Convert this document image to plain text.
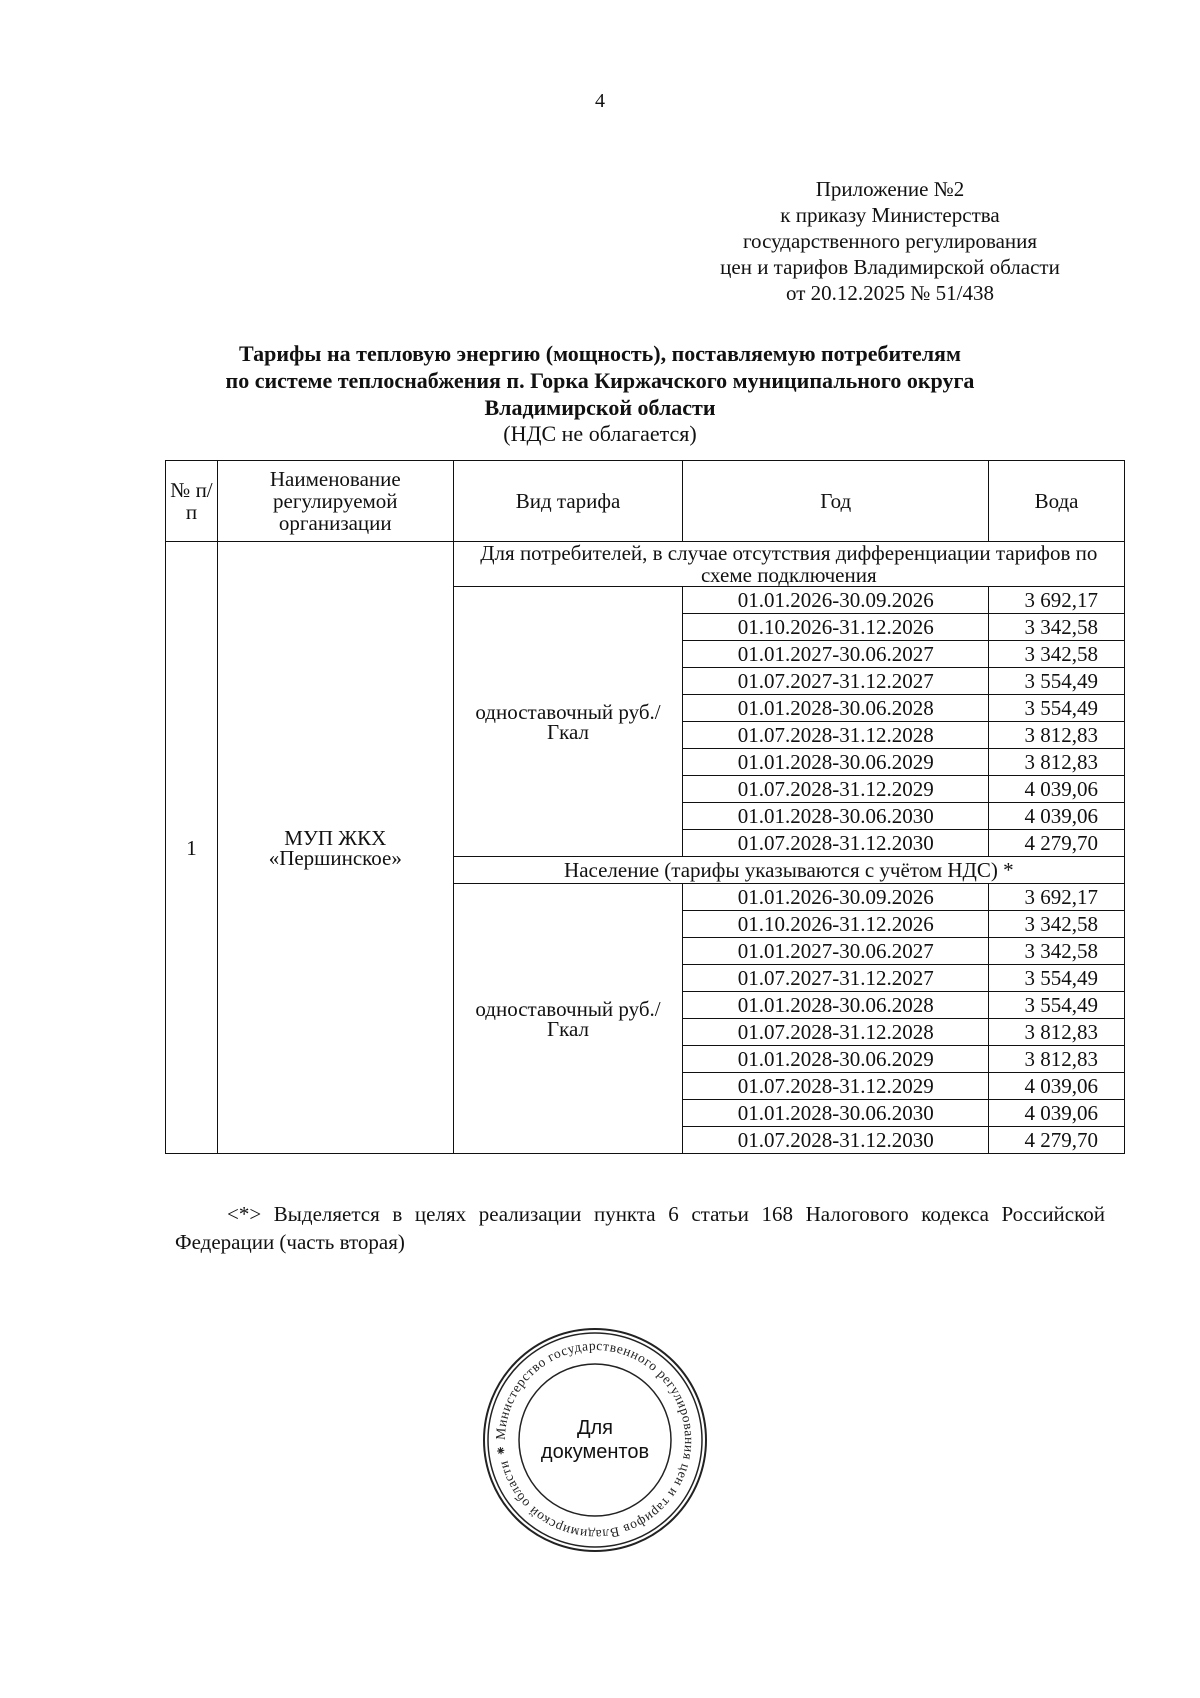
4
Приложение №2
к приказу Министерства
государственного регулирования
цен и тарифов Владимирской области
от 20.12.2025 № 51/438
Тарифы на тепловую энергию (мощность), поставляемую потребителям
по системе теплоснабжения п. Горка Киржачского муниципального округа
Владимирской области
(НДС не облагается)
№ п/п	Наименование регулируемой организации	Вид тарифа	Год	Вода
1	МУП ЖКХ «Першинское»	Для потребителей, в случае отсутствия дифференциации тарифов по схеме подключения		
		одноставочный руб./Гкал	01.01.2026-30.09.2026	3 692,17
			01.10.2026-31.12.2026	3 342,58
			01.01.2027-30.06.2027	3 342,58
			01.07.2027-31.12.2027	3 554,49
			01.01.2028-30.06.2028	3 554,49
			01.07.2028-31.12.2028	3 812,83
			01.01.2028-30.06.2029	3 812,83
			01.07.2028-31.12.2029	4 039,06
			01.01.2028-30.06.2030	4 039,06
			01.07.2028-31.12.2030	4 279,70
		Население (тарифы указываются с учётом НДС) *		
		одноставочный руб./Гкал	01.01.2026-30.09.2026	3 692,17
			01.10.2026-31.12.2026	3 342,58
			01.01.2027-30.06.2027	3 342,58
			01.07.2027-31.12.2027	3 554,49
			01.01.2028-30.06.2028	3 554,49
			01.07.2028-31.12.2028	3 812,83
			01.01.2028-30.06.2029	3 812,83
			01.07.2028-31.12.2029	4 039,06
			01.01.2028-30.06.2030	4 039,06
			01.07.2028-31.12.2030	4 279,70
<*> Выделяется в целях реализации пункта 6 статьи 168 Налогового кодекса Российской Федерации (часть вторая)
Министерство государственного регулирования цен и тарифов Владимирской области ⁕
Для
документов
